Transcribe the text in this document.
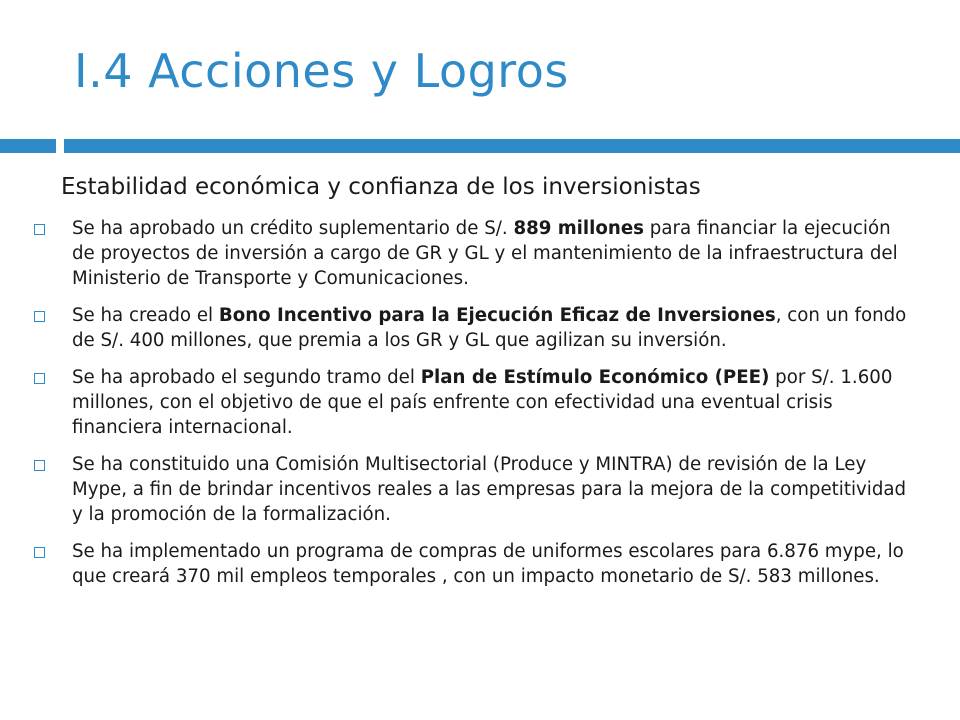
I.4 Acciones y Logros
Estabilidad económica y confianza de los inversionistas
Se ha aprobado un crédito suplementario de S/. 889 millones para financiar la ejecución de proyectos de inversión a cargo de GR y GL y el mantenimiento de la infraestructura del Ministerio de Transporte y Comunicaciones.
Se ha creado el Bono Incentivo para la Ejecución Eficaz de Inversiones, con un fondo de S/. 400 millones, que premia a los GR y GL que agilizan su inversión.
Se ha aprobado el segundo tramo del Plan de Estímulo Económico (PEE) por S/. 1.600 millones, con el objetivo de que el país enfrente con efectividad una eventual crisis financiera internacional.
Se ha constituido una Comisión Multisectorial (Produce y MINTRA) de revisión de la Ley Mype, a fin de brindar incentivos reales a las empresas para la mejora de la competitividad y la promoción de la formalización.
Se ha implementado un programa de compras de uniformes escolares para 6.876 mype, lo que creará 370 mil empleos temporales , con un impacto monetario de S/. 583 millones.
